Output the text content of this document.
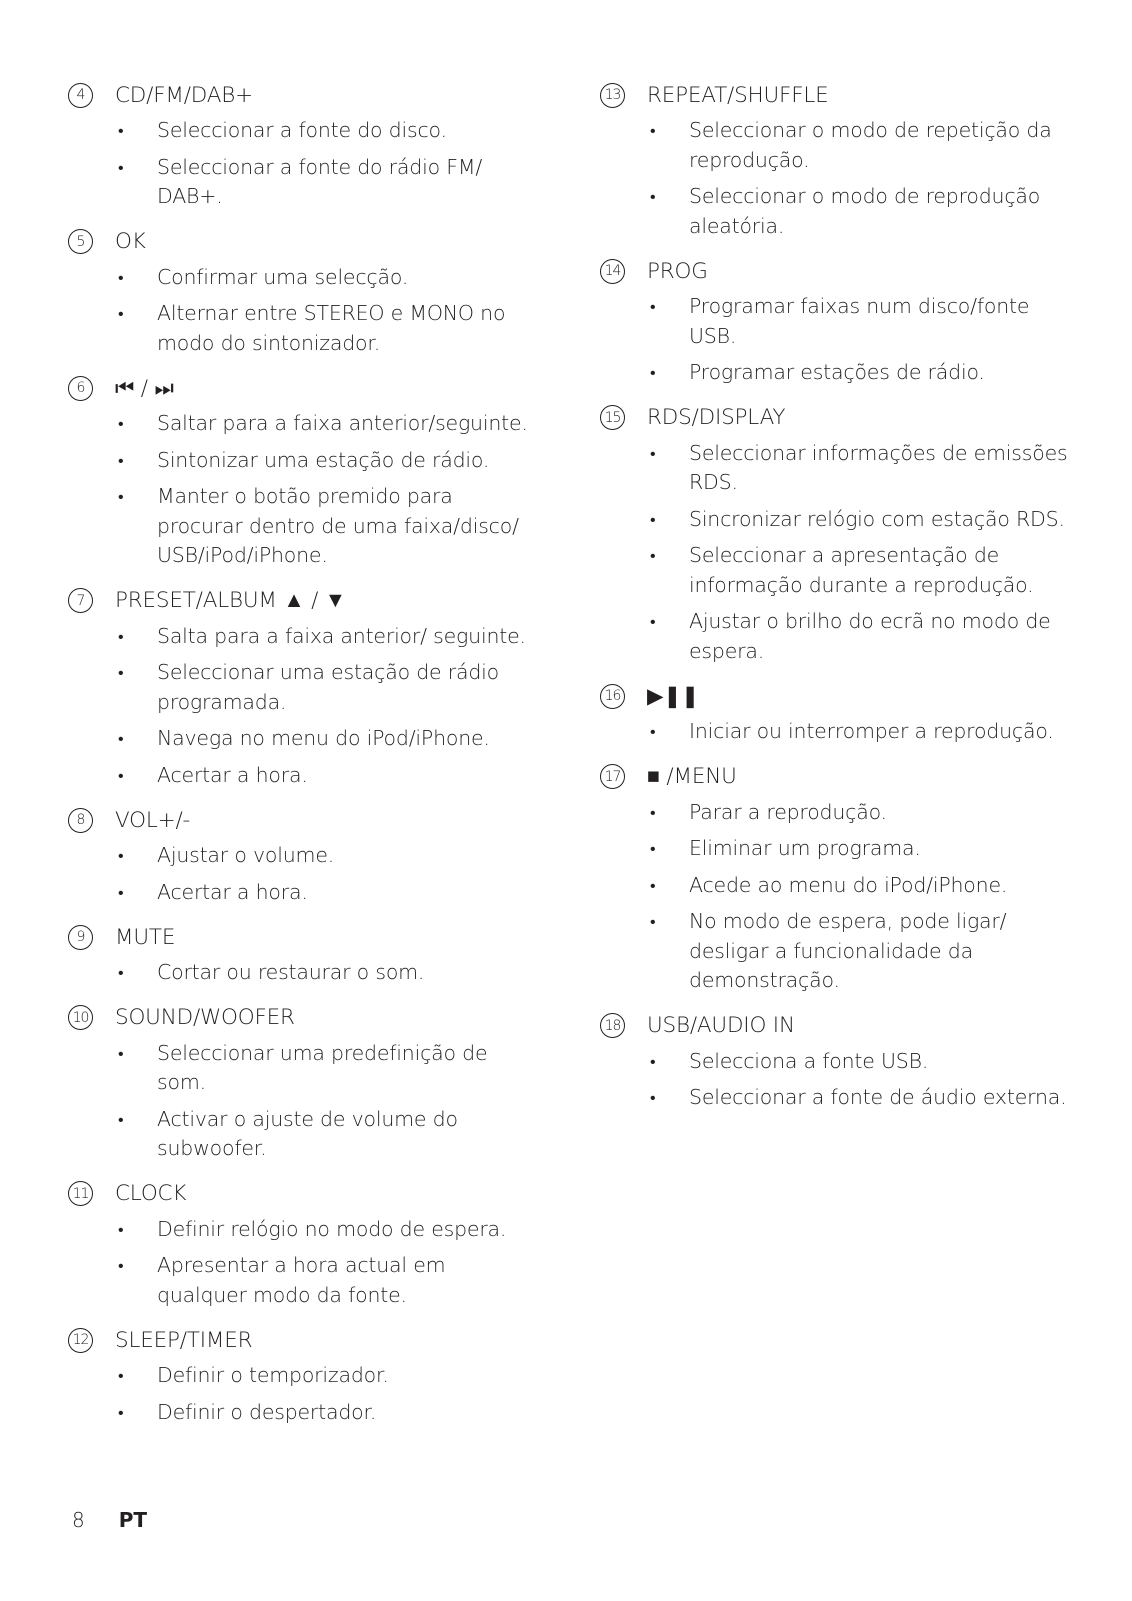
4	CD/FM/DAB+
• Seleccionar a fonte do disco.
• Seleccionar a fonte do rádio FM/ DAB+.
5	OK
• Confirmar uma selecção.
• Alternar entre STEREO e MONO no modo do sintonizador.
6	⏮ / ⏭
• Saltar para a faixa anterior/seguinte.
• Sintonizar uma estação de rádio.
• Manter o botão premido para procurar dentro de uma faixa/disco/ USB/iPod/iPhone.
7	PRESET/ALBUM ▲ / ▼
• Salta para a faixa anterior/ seguinte.
• Seleccionar uma estação de rádio programada.
• Navega no menu do iPod/iPhone.
• Acertar a hora.
8	VOL+/-
• Ajustar o volume.
• Acertar a hora.
9	MUTE
• Cortar ou restaurar o som.
10 SOUND/WOOFER
• Seleccionar uma predefinição de som.
• Activar o ajuste de volume do subwoofer.
11 CLOCK
• Definir relógio no modo de espera.
• Apresentar a hora actual em qualquer modo da fonte.
12 SLEEP/TIMER
• Definir o temporizador.
• Definir o despertador.
13 REPEAT/SHUFFLE
• Seleccionar o modo de repetição da reprodução.
• Seleccionar o modo de reprodução aleatória.
14 PROG
• Programar faixas num disco/fonte USB.
• Programar estações de rádio.
15 RDS/DISPLAY
• Seleccionar informações de emissões RDS.
• Sincronizar relógio com estação RDS.
• Seleccionar a apresentação de informação durante a reprodução.
• Ajustar o brilho do ecrã no modo de espera.
16 ▶❚❚
• Iniciar ou interromper a reprodução.
17 ■ /MENU
• Parar a reprodução.
• Eliminar um programa.
• Acede ao menu do iPod/iPhone.
• No modo de espera, pode ligar/ desligar a funcionalidade da demonstração.
18 USB/AUDIO IN
• Selecciona a fonte USB.
• Seleccionar a fonte de áudio externa.
8 PT
